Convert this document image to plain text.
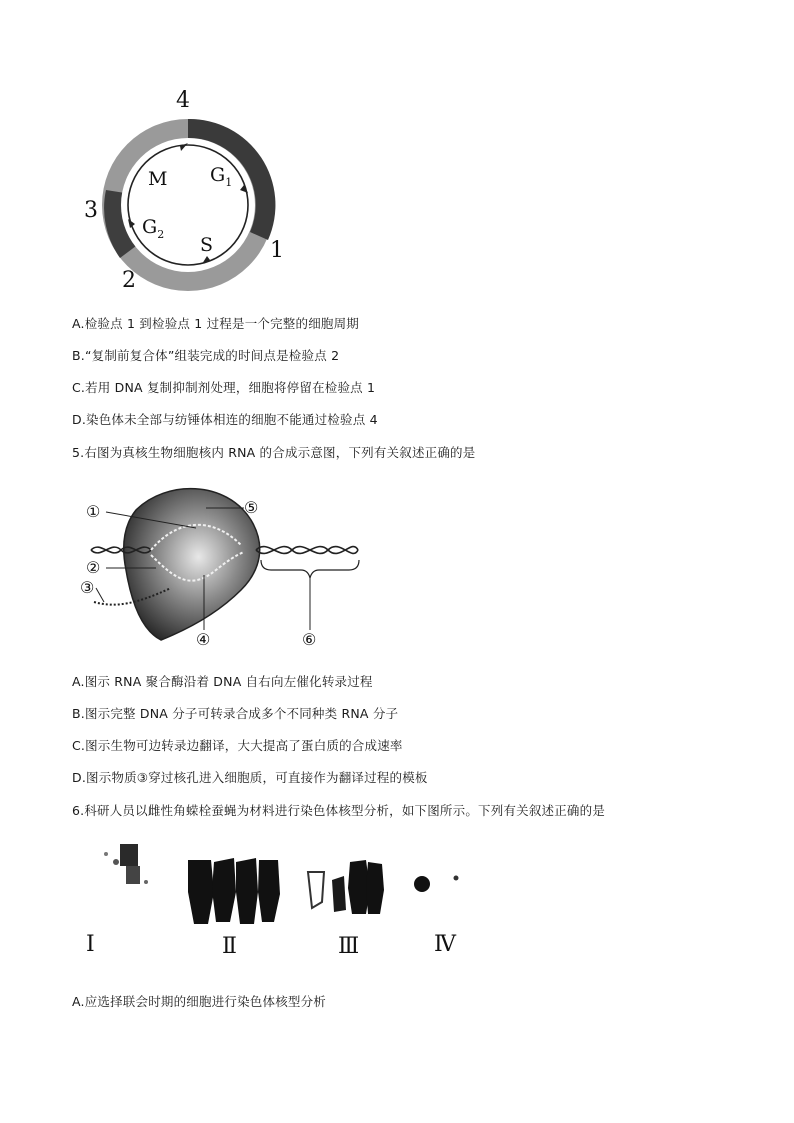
4
3
2
1
M $G_1$
$G_2$ S
A.检验点 1 到检验点 1 过程是一个完整的细胞周期
B.“复制前复合体”组装完成的时间点是检验点 2
C.若用 DNA 复制抑制剂处理，细胞将停留在检验点 1
D.染色体未全部与纺锤体相连的细胞不能通过检验点 4
5.右图为真核生物细胞核内 RNA 的合成示意图，下列有关叙述正确的是
①
②
③
④
⑤
⑥
A.图示 RNA 聚合酶沿着 DNA 自右向左催化转录过程
B.图示完整 DNA 分子可转录合成多个不同种类 RNA 分子
C.图示生物可边转录边翻译，大大提高了蛋白质的合成速率
D.图示物质③穿过核孔进入细胞质，可直接作为翻译过程的模板
6.科研人员以雌性角蝾栓蚕蝇为材料进行染色体核型分析，如下图所示。下列有关叙述正确的是
Ⅰ	Ⅱ	Ⅲ	Ⅳ
A.应选择联会时期的细胞进行染色体核型分析
